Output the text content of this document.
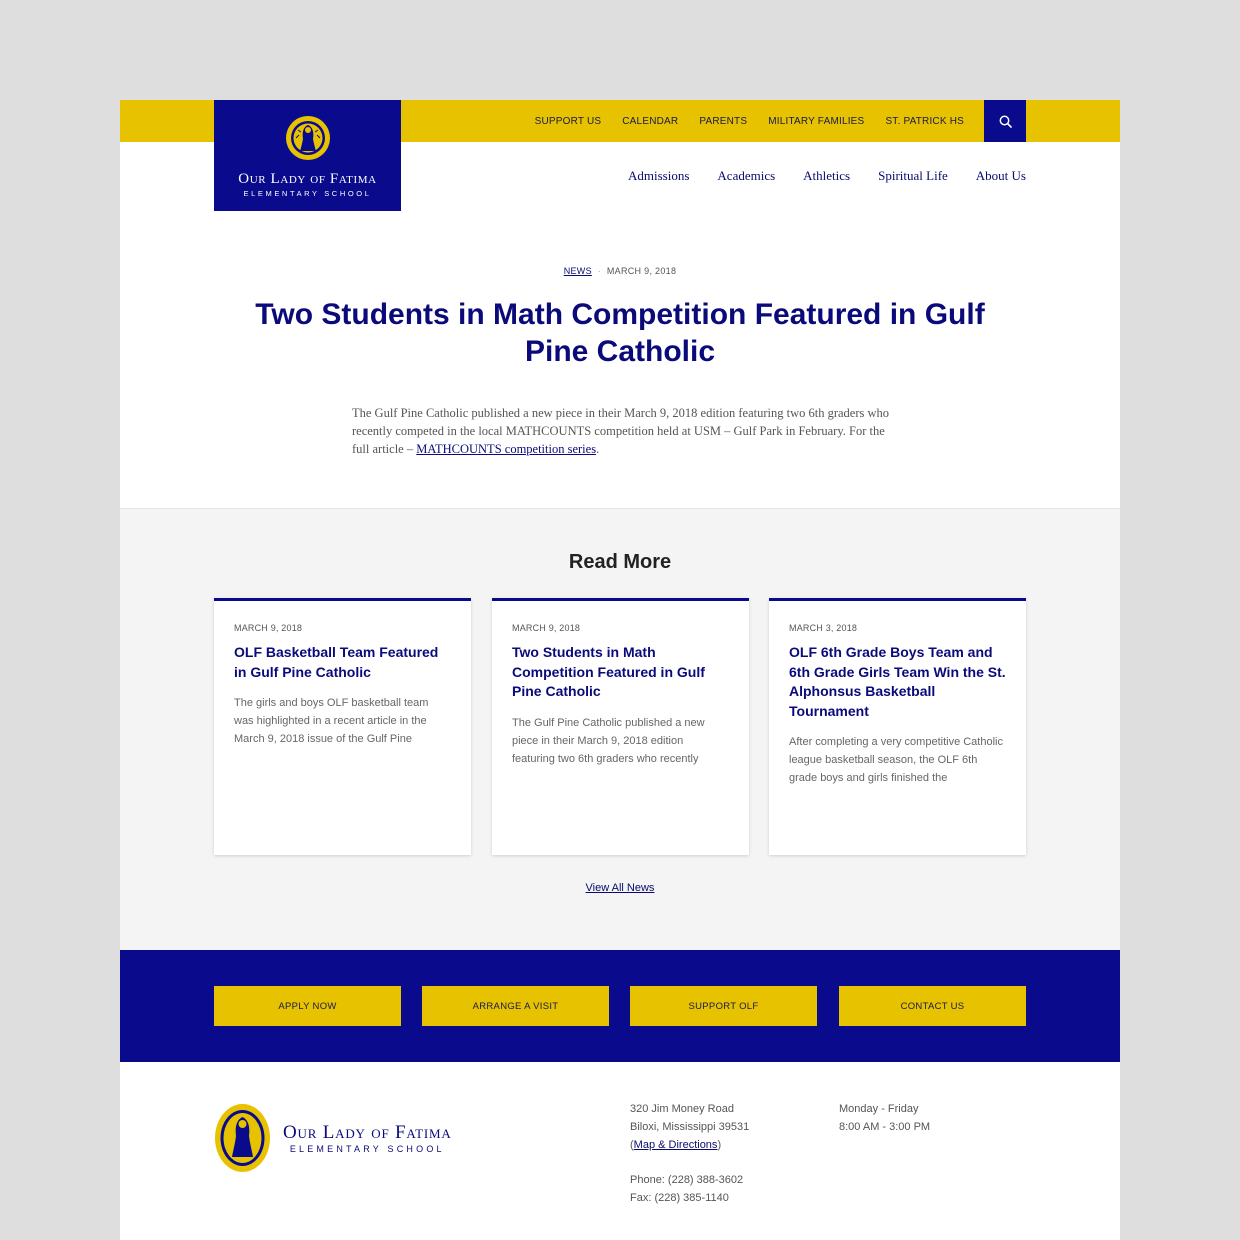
SUPPORT US CALENDAR PARENTS MILITARY FAMILIES ST. PATRICK HS
Our Lady of Fatima
ELEMENTARY SCHOOL
Admissions Academics Athletics Spiritual Life About Us
NEWS · MARCH 9, 2018
Two Students in Math Competition Featured in Gulf Pine Catholic

The Gulf Pine Catholic published a new piece in their March 9, 2018 edition featuring two 6th graders who recently competed in the local MATHCOUNTS competition held at USM – Gulf Park in February. For the full article – MATHCOUNTS competition series.

Read More
MARCH 9, 2018
OLF Basketball Team Featured in Gulf Pine Catholic
The girls and boys OLF basketball team was highlighted in a recent article in the March 9, 2018 issue of the Gulf Pine
MARCH 9, 2018
Two Students in Math Competition Featured in Gulf Pine Catholic
The Gulf Pine Catholic published a new piece in their March 9, 2018 edition featuring two 6th graders who recently
MARCH 3, 2018
OLF 6th Grade Boys Team and 6th Grade Girls Team Win the St. Alphonsus Basketball Tournament
After completing a very competitive Catholic league basketball season, the OLF 6th grade boys and girls finished the
View All News
APPLY NOW	ARRANGE A VISIT	SUPPORT OLF	CONTACT US
Our Lady of Fatima
ELEMENTARY SCHOOL
320 Jim Money Road
Biloxi, Mississippi 39531
(Map & Directions)
Phone: (228) 388-3602
Fax: (228) 385-1140
Monday - Friday
8:00 AM - 3:00 PM
